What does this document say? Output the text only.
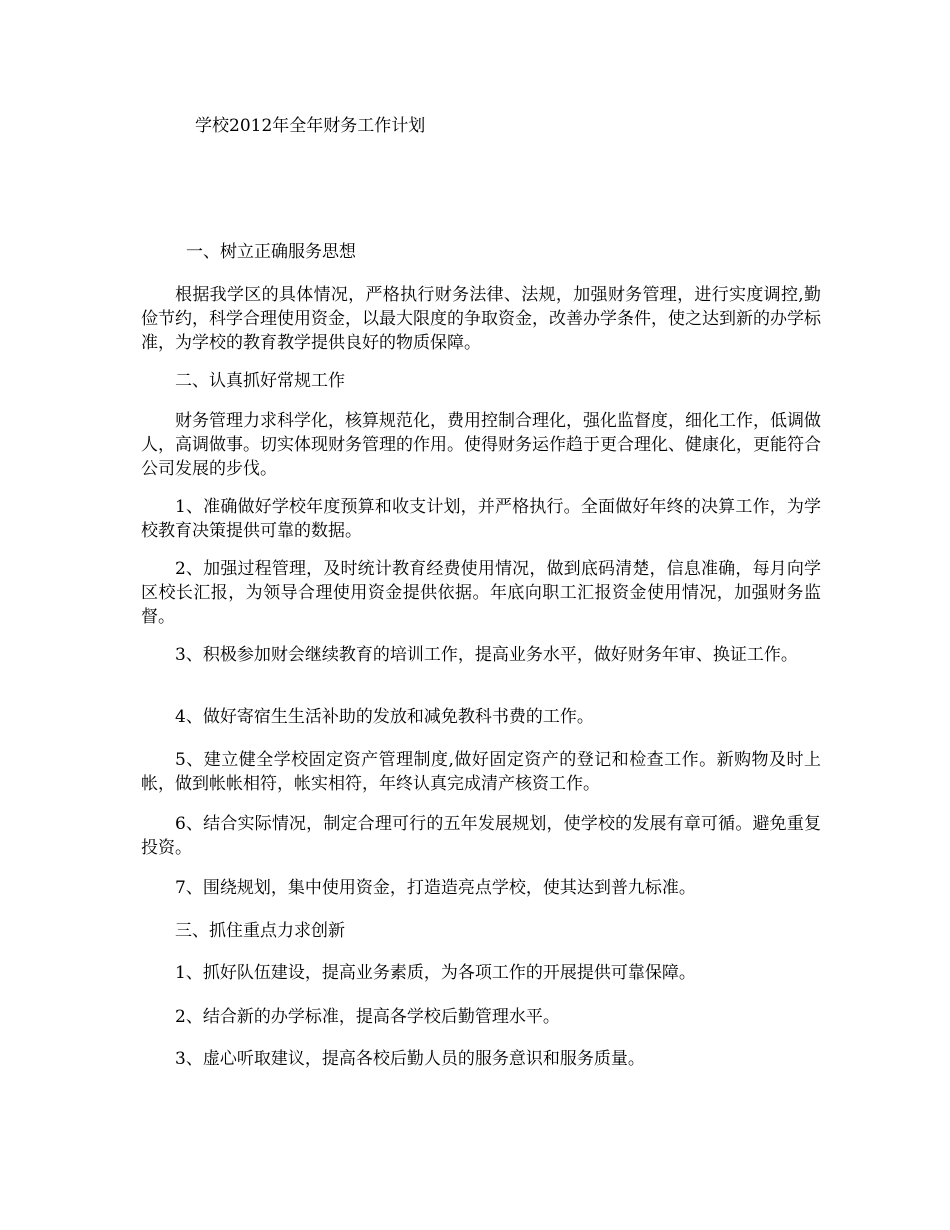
学校2012年全年财务工作计划
一、树立正确服务思想
根据我学区的具体情况，严格执行财务法律、法规，加强财务管理，进行实度调控,勤俭节约，科学合理使用资金，以最大限度的争取资金，改善办学条件，使之达到新的办学标准，为学校的教育教学提供良好的物质保障。
二、认真抓好常规工作
财务管理力求科学化，核算规范化，费用控制合理化，强化监督度，细化工作，低调做人，高调做事。切实体现财务管理的作用。使得财务运作趋于更合理化、健康化，更能符合公司发展的步伐。
1、准确做好学校年度预算和收支计划，并严格执行。全面做好年终的决算工作，为学校教育决策提供可靠的数据。
2、加强过程管理，及时统计教育经费使用情况，做到底码清楚，信息准确，每月向学区校长汇报，为领导合理使用资金提供依据。年底向职工汇报资金使用情况，加强财务监督。
3、积极参加财会继续教育的培训工作，提高业务水平，做好财务年审、换证工作。
4、做好寄宿生生活补助的发放和减免教科书费的工作。
5、建立健全学校固定资产管理制度,做好固定资产的登记和检查工作。新购物及时上帐，做到帐帐相符，帐实相符，年终认真完成清产核资工作。
6、结合实际情况，制定合理可行的五年发展规划，使学校的发展有章可循。避免重复投资。
7、围绕规划，集中使用资金，打造造亮点学校，使其达到普九标准。
三、抓住重点力求创新
1、抓好队伍建设，提高业务素质，为各项工作的开展提供可靠保障。
2、结合新的办学标准，提高各学校后勤管理水平。
3、虚心听取建议，提高各校后勤人员的服务意识和服务质量。
